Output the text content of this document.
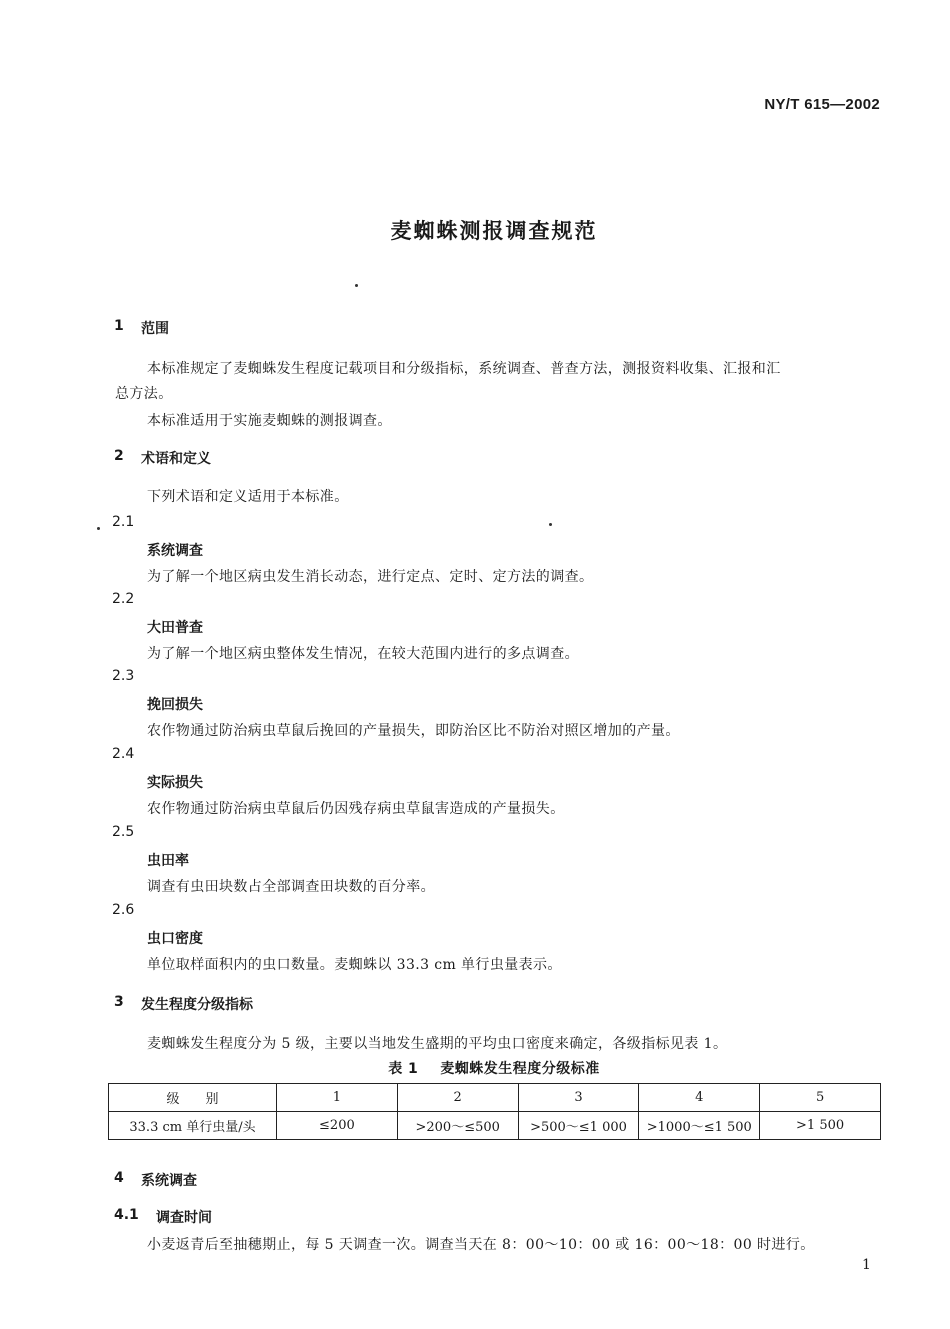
NY/T 615—2002
麦蜘蛛测报调查规范
1 范围
本标准规定了麦蜘蛛发生程度记载项目和分级指标，系统调查、普查方法，测报资料收集、汇报和汇
总方法。
本标准适用于实施麦蜘蛛的测报调查。
2 术语和定义
下列术语和定义适用于本标准。
2.1
系统调查
为了解一个地区病虫发生消长动态，进行定点、定时、定方法的调查。
2.2
大田普查
为了解一个地区病虫整体发生情况，在较大范围内进行的多点调查。
2.3
挽回损失
农作物通过防治病虫草鼠后挽回的产量损失，即防治区比不防治对照区增加的产量。
2.4
实际损失
农作物通过防治病虫草鼠后仍因残存病虫草鼠害造成的产量损失。
2.5
虫田率
调查有虫田块数占全部调查田块数的百分率。
2.6
虫口密度
单位取样面积内的虫口数量。麦蜘蛛以 33.3 cm 单行虫量表示。
3 发生程度分级指标
麦蜘蛛发生程度分为 5 级，主要以当地发生盛期的平均虫口密度来确定，各级指标见表 1。
表 1 麦蜘蛛发生程度分级标准
级　　别	1	2	3	4	5
33.3 cm 单行虫量/头	≤200	>200～≤500	>500～≤1 000	>1000～≤1 500	>1 500
4 系统调查
4.1 调查时间
小麦返青后至抽穗期止，每 5 天调查一次。调查当天在 8：00～10：00 或 16：00～18：00 时进行。
1
